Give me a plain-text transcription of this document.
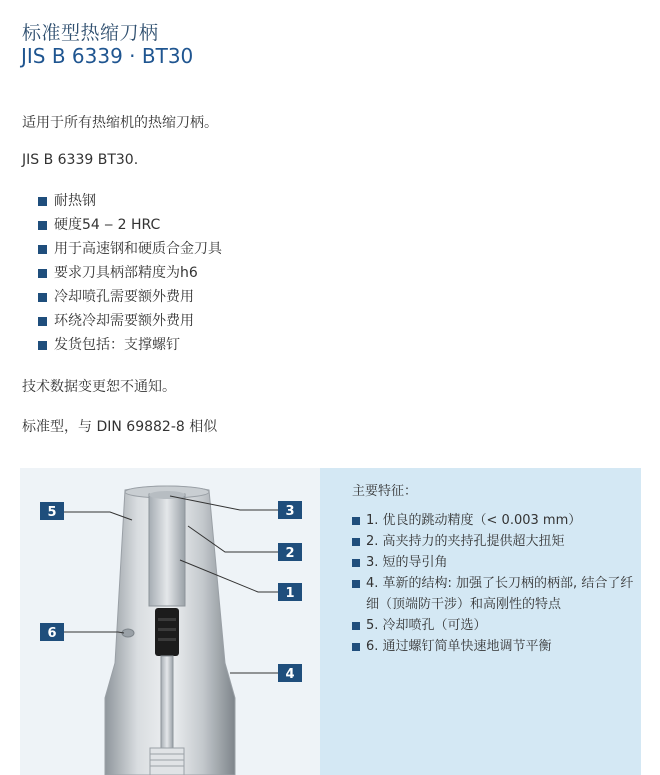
标准型热缩刀柄
JIS B 6339 · BT30

适用于所有热缩机的热缩刀柄。

JIS B 6339 BT30.

耐热钢
硬度54 ‒ 2 HRC
用于高速钢和硬质合金刀具
要求刀具柄部精度为h6
冷却喷孔需要额外费用
环绕冷却需要额外费用
发货包括：支撑螺钉

技术数据变更恕不通知。

标准型，与 DIN 69882-8 相似

5	3
2
1
6
4

主要特征：

1. 优良的跳动精度（< 0.003 mm）
2. 高夹持力的夹持孔提供超大扭矩
3. 短的导引角
4. 革新的结构: 加强了长刀柄的柄部, 结合了纤细（顶端防干涉）和高刚性的特点
5. 冷却喷孔（可选）
6. 通过螺钉简单快速地调节平衡
